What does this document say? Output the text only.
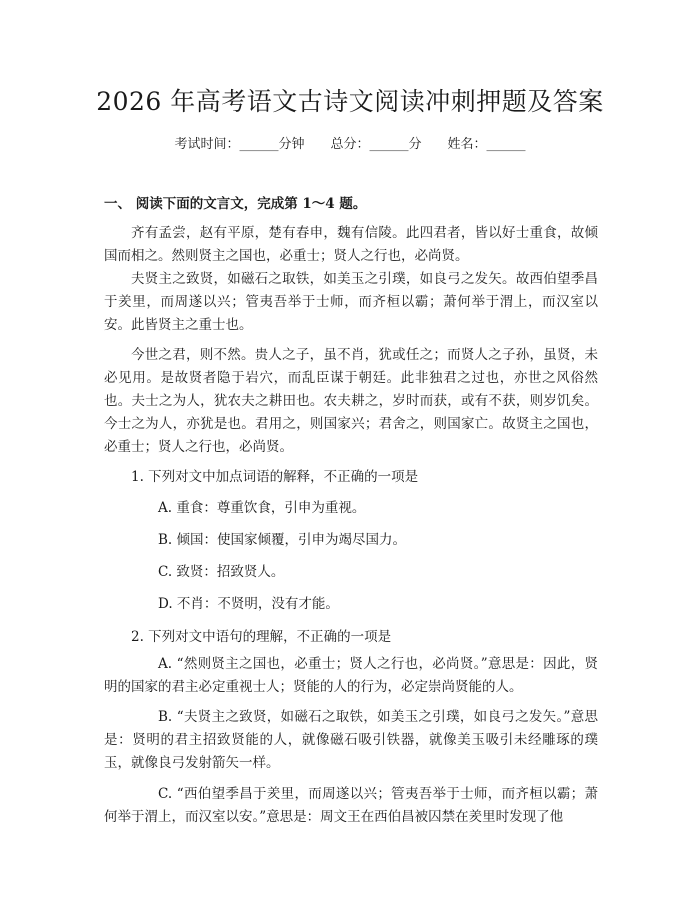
2026 年高考语文古诗文阅读冲刺押题及答案
考试时间：______分钟 总分：______分 姓名：______
一、 阅读下面的文言文，完成第 1～4 题。

齐有孟尝，赵有平原，楚有春申，魏有信陵。此四君者，皆以好士重食，故倾国而相之。然则贤主之国也，必重士；贤人之行也，必尚贤。

夫贤主之致贤，如磁石之取铁，如美玉之引璞，如良弓之发矢。故西伯望季昌于羑里，而周遂以兴；管夷吾举于士师，而齐桓以霸；萧何举于渭上，而汉室以安。此皆贤主之重士也。

今世之君，则不然。贵人之子，虽不肖，犹或任之；而贤人之子孙，虽贤，未必见用。是故贤者隐于岩穴，而乱臣谋于朝廷。此非独君之过也，亦世之风俗然也。夫士之为人，犹农夫之耕田也。农夫耕之，岁时而获，或有不获，则岁饥矣。今士之为人，亦犹是也。君用之，则国家兴；君舍之，则国家亡。故贤主之国也，必重士；贤人之行也，必尚贤。

1. 下列对文中加点词语的解释，不正确的一项是
A. 重食：尊重饮食，引申为重视。
B. 倾国：使国家倾覆，引申为竭尽国力。
C. 致贤：招致贤人。
D. 不肖：不贤明，没有才能。
2. 下列对文中语句的理解，不正确的一项是

A. “然则贤主之国也，必重士；贤人之行也，必尚贤。”意思是：因此，贤明的国家的君主必定重视士人；贤能的人的行为，必定崇尚贤能的人。

B. “夫贤主之致贤，如磁石之取铁，如美玉之引璞，如良弓之发矢。”意思是：贤明的君主招致贤能的人，就像磁石吸引铁器，就像美玉吸引未经雕琢的璞玉，就像良弓发射箭矢一样。

C. “西伯望季昌于羑里，而周遂以兴；管夷吾举于士师，而齐桓以霸；萧何举于渭上，而汉室以安。”意思是：周文王在西伯昌被囚禁在羑里时发现了他
